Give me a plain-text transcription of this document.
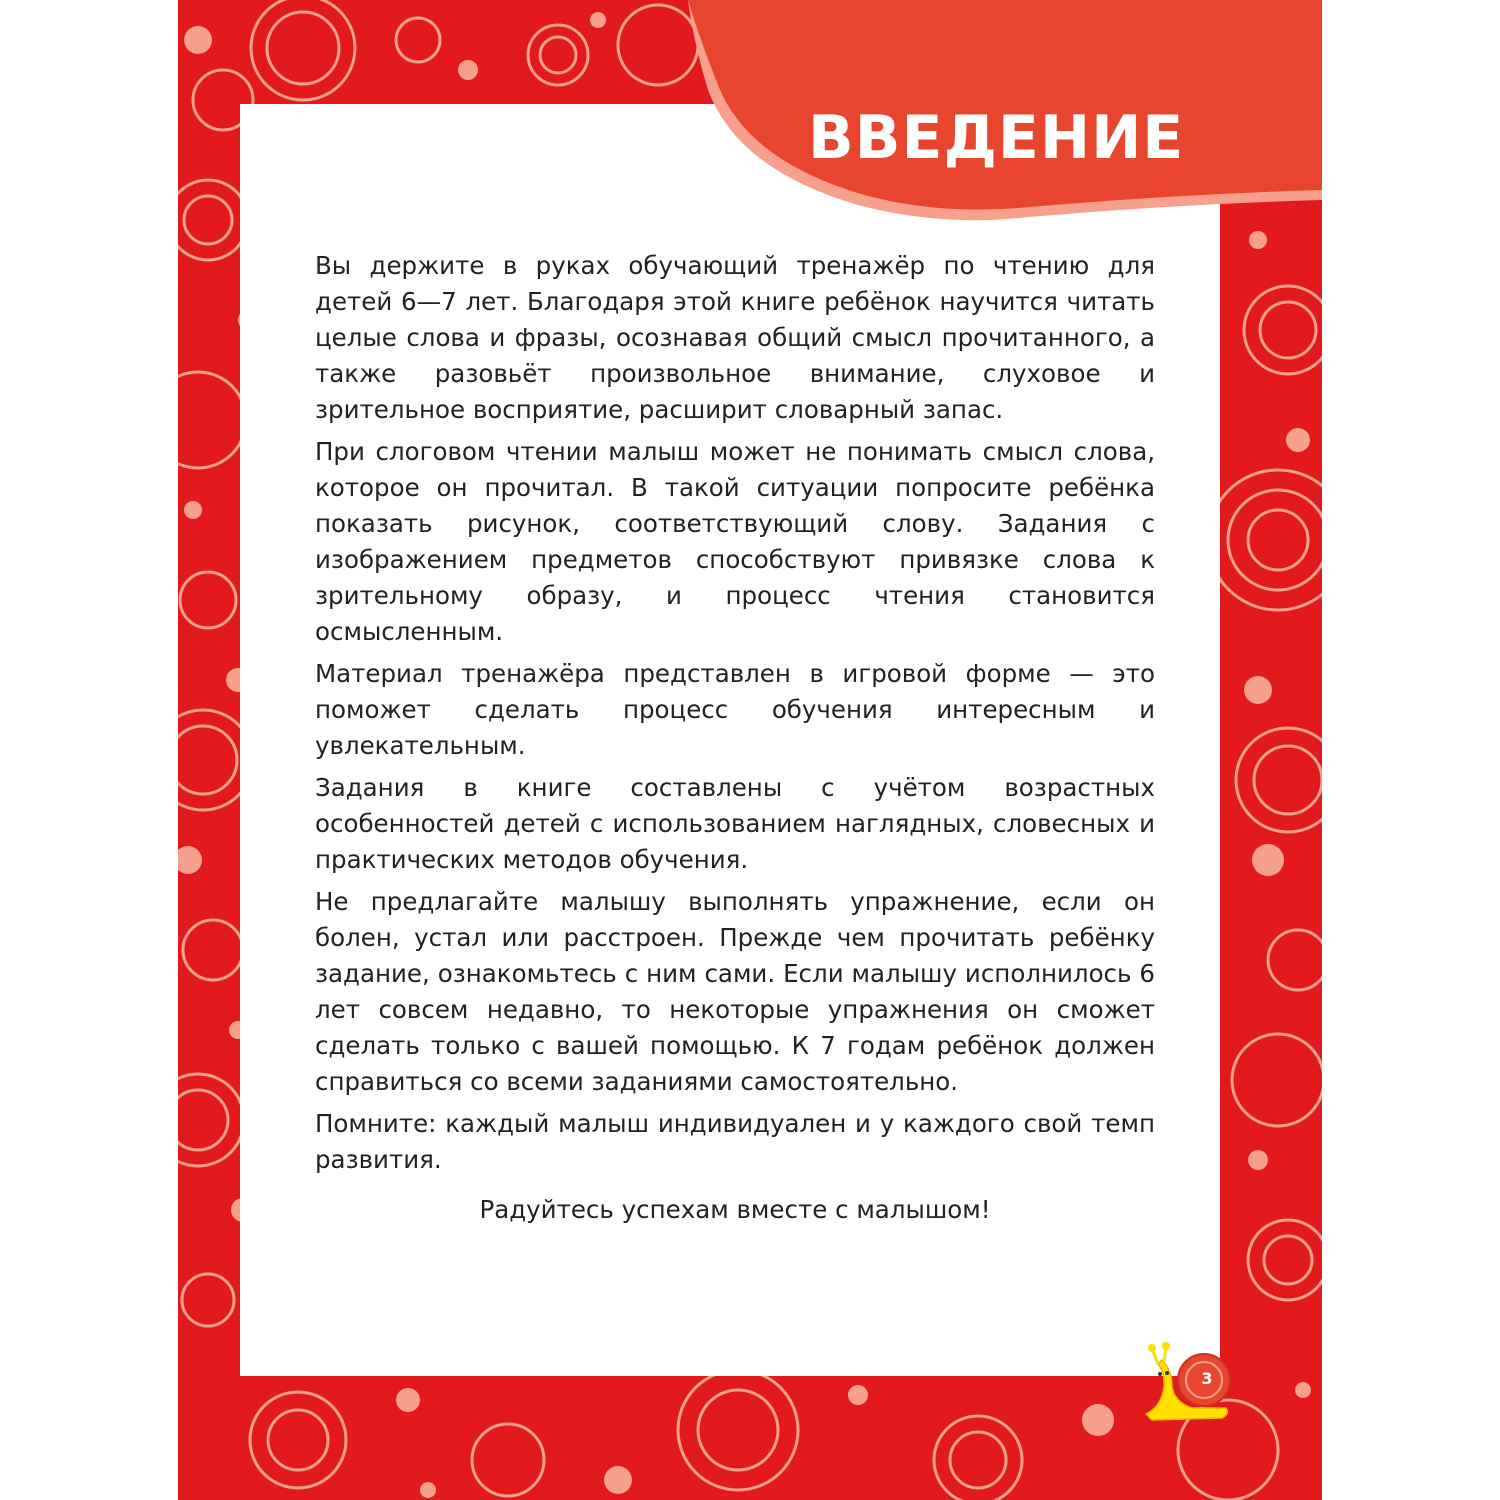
ВВЕДЕНИЕ

Вы держите в руках обучающий тренажёр по чтению для детей 6—7 лет. Благодаря этой книге ребёнок научится читать целые слова и фразы, осознавая общий смысл прочитанного, а также разовьёт произвольное внимание, слуховое и зрительное восприятие, расширит словарный запас.

При слоговом чтении малыш может не понимать смысл слова, которое он прочитал. В такой ситуации попросите ребёнка показать рисунок, соответствующий слову. Задания с изображением предметов способствуют привязке слова к зрительному образу, и процесс чтения становится осмысленным.

Материал тренажёра представлен в игровой форме — это поможет сделать процесс обучения интересным и увлекательным.

Задания в книге составлены с учётом возрастных особенностей детей с использованием наглядных, словесных и практических методов обучения.

Не предлагайте малышу выполнять упражнение, если он болен, устал или расстроен. Прежде чем прочитать ребёнку задание, ознакомьтесь с ним сами. Если малышу исполнилось 6 лет совсем недавно, то некоторые упражнения он сможет сделать только с вашей помощью. К 7 годам ребёнок должен справиться со всеми заданиями самостоятельно.

Помните: каждый малыш индивидуален и у каждого свой темп развития.

Радуйтесь успехам вместе с малышом!

3
